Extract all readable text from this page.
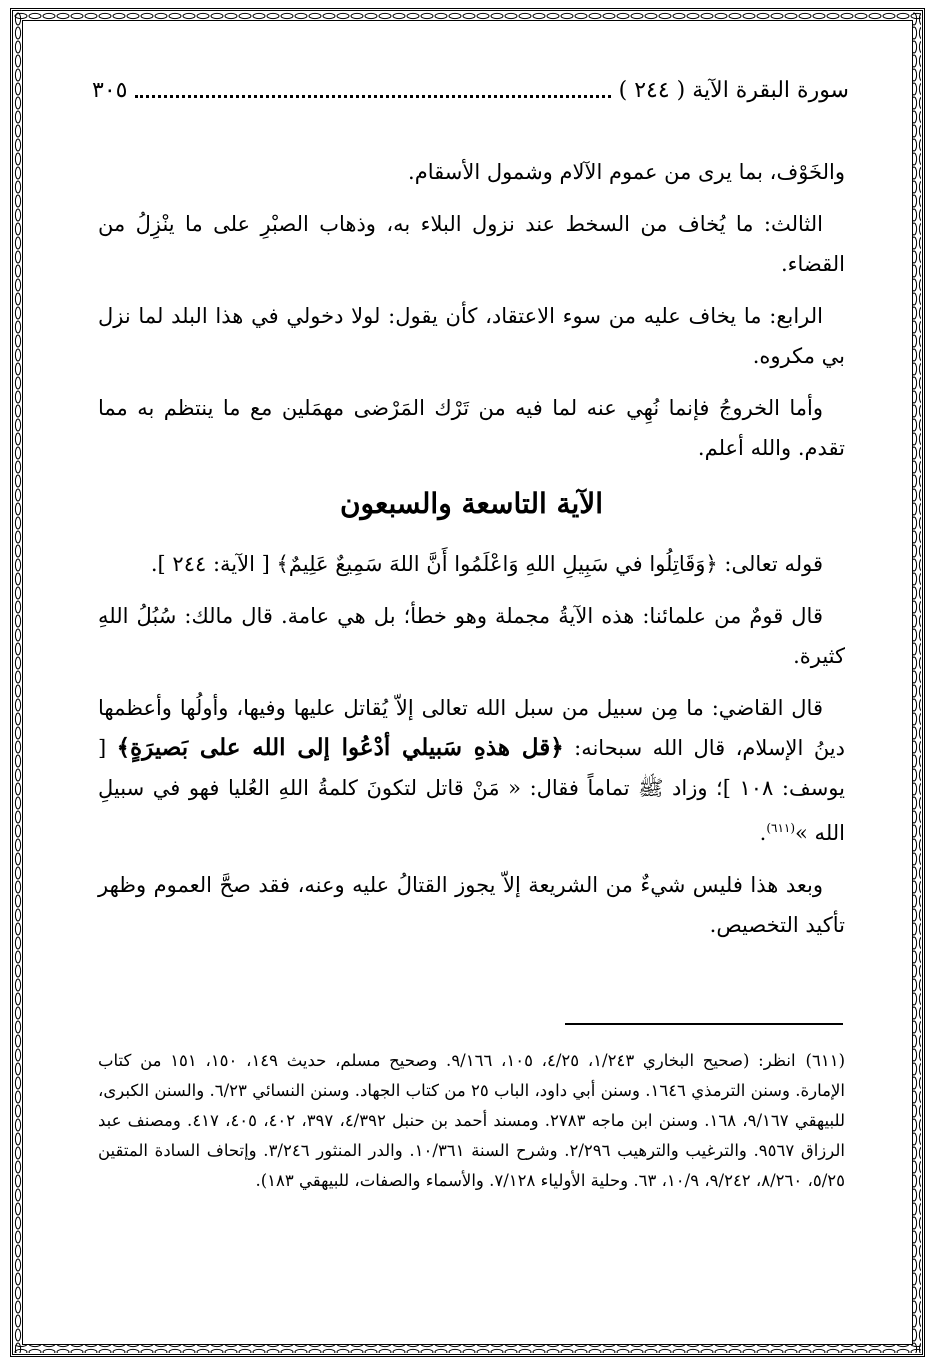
سورة البقرة الآية ( ٢٤٤ )
٣٠٥

والخَوْف، بما يرى من عموم الآلام وشمول الأسقام.

الثالث: ما يُخاف من السخط عند نزول البلاء به، وذهاب الصبْرِ على ما ينْزِلُ من القضاء.

الرابع: ما يخاف عليه من سوء الاعتقاد، كأن يقول: لولا دخولي في هذا البلد لما نزل بي مكروه.

وأما الخروجُ فإنما نُهِي عنه لما فيه من تَرْك المَرْضى مهمَلين مع ما ينتظم به مما تقدم. والله أعلم.

الآية التاسعة والسبعون

قوله تعالى: ﴿وَقَاتِلُوا في سَبِيلِ اللهِ وَاعْلَمُوا أَنَّ اللهَ سَمِيعٌ عَلِيمٌ﴾ [ الآية: ٢٤٤ ].

قال قومٌ من علمائنا: هذه الآيةُ مجملة وهو خطأ؛ بل هي عامة. قال مالك: سُبُلُ اللهِ كثيرة.

قال القاضي: ما مِن سبيل من سبل الله تعالى إلاّ يُقاتل عليها وفيها، وأولُها وأعظمها دينُ الإسلام، قال الله سبحانه: ﴿قل هذهِ سَبيلي أدْعُوا إلى الله على بَصيرَةٍ﴾ [ يوسف: ١٠٨ ]؛ وزاد ﷺ تماماً فقال: « مَنْ قاتل لتكونَ كلمةُ اللهِ العُليا فهو في سبيلِ الله »$^{(٦١١)}$.

وبعد هذا فليس شيءٌ من الشريعة إلاّ يجوز القتالُ عليه وعنه، فقد صحَّ العموم وظهر تأكيد التخصيص.

(٦١١)انظر: (صحيح البخاري ١/٢٤٣، ٤/٢٥، ١٠٥، ٩/١٦٦. وصحيح مسلم، حديث ١٤٩، ١٥٠، ١٥١ من كتاب الإمارة. وسنن الترمذي ١٦٤٦. وسنن أبي داود، الباب ٢٥ من كتاب الجهاد. وسنن النسائي ٦/٢٣. والسنن الكبرى، للبيهقي ٩/١٦٧، ١٦٨. وسنن ابن ماجه ٢٧٨٣. ومسند أحمد بن حنبل ٤/٣٩٢، ٣٩٧، ٤٠٢، ٤٠٥، ٤١٧. ومصنف عبد الرزاق ٩٥٦٧. والترغيب والترهيب ٢/٢٩٦. وشرح السنة ١٠/٣٦١. والدر المنثور ٣/٢٤٦. وإتحاف السادة المتقين ٥/٢٥، ٨/٢٦٠، ٩/٢٤٢، ١٠/٩، ٦٣. وحلية الأولياء ٧/١٢٨. والأسماء والصفات، للبيهقي ١٨٣).
